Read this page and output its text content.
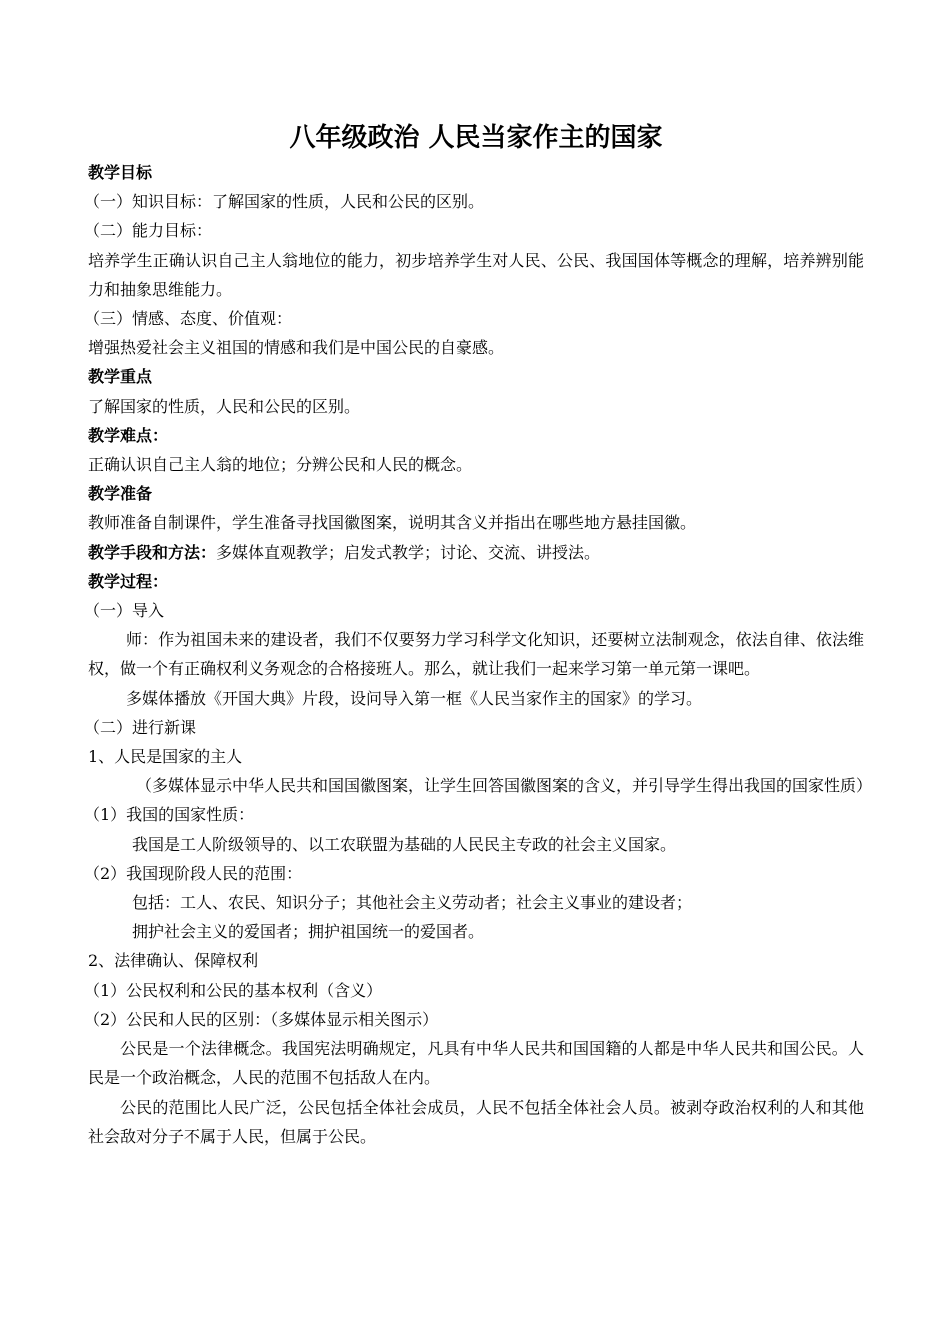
八年级政治 人民当家作主的国家
教学目标
（一）知识目标：了解国家的性质，人民和公民的区别。
（二）能力目标：
培养学生正确认识自己主人翁地位的能力，初步培养学生对人民、公民、我国国体等概念的理解，培养辨别能力和抽象思维能力。
（三）情感、态度、价值观：
增强热爱社会主义祖国的情感和我们是中国公民的自豪感。
教学重点
了解国家的性质，人民和公民的区别。
教学难点：
正确认识自己主人翁的地位；分辨公民和人民的概念。
教学准备
教师准备自制课件，学生准备寻找国徽图案，说明其含义并指出在哪些地方悬挂国徽。
教学手段和方法：多媒体直观教学；启发式教学；讨论、交流、讲授法。
教学过程：
（一）导入
师：作为祖国未来的建设者，我们不仅要努力学习科学文化知识，还要树立法制观念，依法自律、依法维权，做一个有正确权利义务观念的合格接班人。那么，就让我们一起来学习第一单元第一课吧。
多媒体播放《开国大典》片段，设问导入第一框《人民当家作主的国家》的学习。
（二）进行新课
1、人民是国家的主人
（多媒体显示中华人民共和国国徽图案，让学生回答国徽图案的含义，并引导学生得出我国的国家性质）
（1）我国的国家性质：
我国是工人阶级领导的、以工农联盟为基础的人民民主专政的社会主义国家。
（2）我国现阶段人民的范围：
包括：工人、农民、知识分子；其他社会主义劳动者；社会主义事业的建设者；
拥护社会主义的爱国者；拥护祖国统一的爱国者。
2、法律确认、保障权利
（1）公民权利和公民的基本权利（含义）
（2）公民和人民的区别：（多媒体显示相关图示）
公民是一个法律概念。我国宪法明确规定，凡具有中华人民共和国国籍的人都是中华人民共和国公民。人民是一个政治概念，人民的范围不包括敌人在内。
公民的范围比人民广泛，公民包括全体社会成员，人民不包括全体社会人员。被剥夺政治权利的人和其他社会敌对分子不属于人民，但属于公民。
